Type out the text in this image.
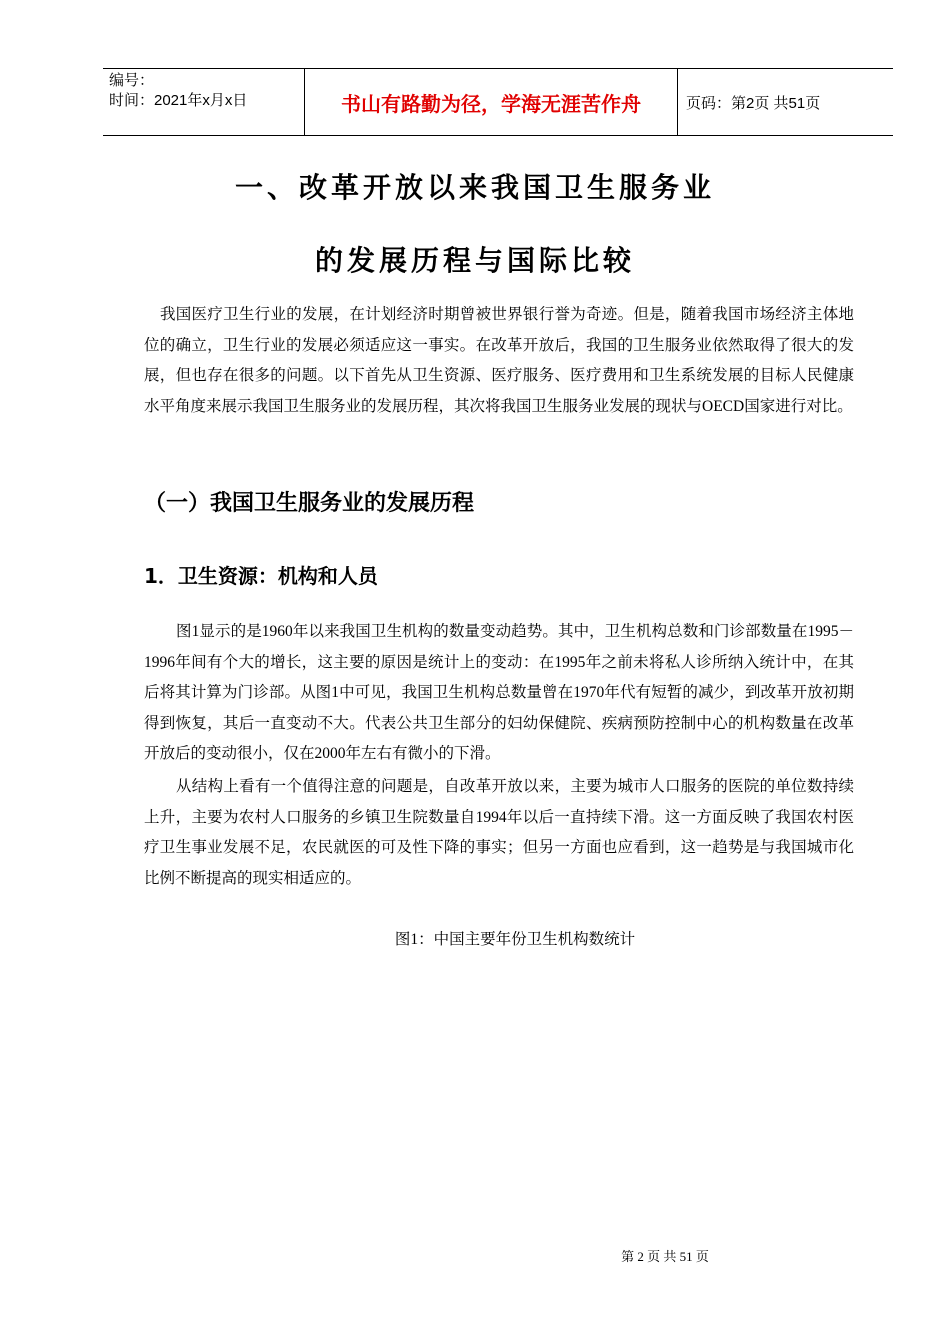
编号：
时间：2021年x月x日	书山有路勤为径，学海无涯苦作舟	页码：第2页 共51页
一、改革开放以来我国卫生服务业
的发展历程与国际比较

我国医疗卫生行业的发展，在计划经济时期曾被世界银行誉为奇迹。但是，随着我国市场经济主体地位的确立，卫生行业的发展必须适应这一事实。在改革开放后，我国的卫生服务业依然取得了很大的发展，但也存在很多的问题。以下首先从卫生资源、医疗服务、医疗费用和卫生系统发展的目标人民健康水平角度来展示我国卫生服务业的发展历程，其次将我国卫生服务业发展的现状与OECD国家进行对比。

（一）我国卫生服务业的发展历程
1．卫生资源：机构和人员

图1显示的是1960年以来我国卫生机构的数量变动趋势。其中，卫生机构总数和门诊部数量在1995－1996年间有个大的增长，这主要的原因是统计上的变动：在1995年之前未将私人诊所纳入统计中，在其后将其计算为门诊部。从图1中可见，我国卫生机构总数量曾在1970年代有短暂的减少，到改革开放初期得到恢复，其后一直变动不大。代表公共卫生部分的妇幼保健院、疾病预防控制中心的机构数量在改革开放后的变动很小，仅在2000年左右有微小的下滑。

从结构上看有一个值得注意的问题是，自改革开放以来，主要为城市人口服务的医院的单位数持续上升，主要为农村人口服务的乡镇卫生院数量自1994年以后一直持续下滑。这一方面反映了我国农村医疗卫生事业发展不足，农民就医的可及性下降的事实；但另一方面也应看到，这一趋势是与我国城市化比例不断提高的现实相适应的。

图1：中国主要年份卫生机构数统计
第 2 页 共 51 页
